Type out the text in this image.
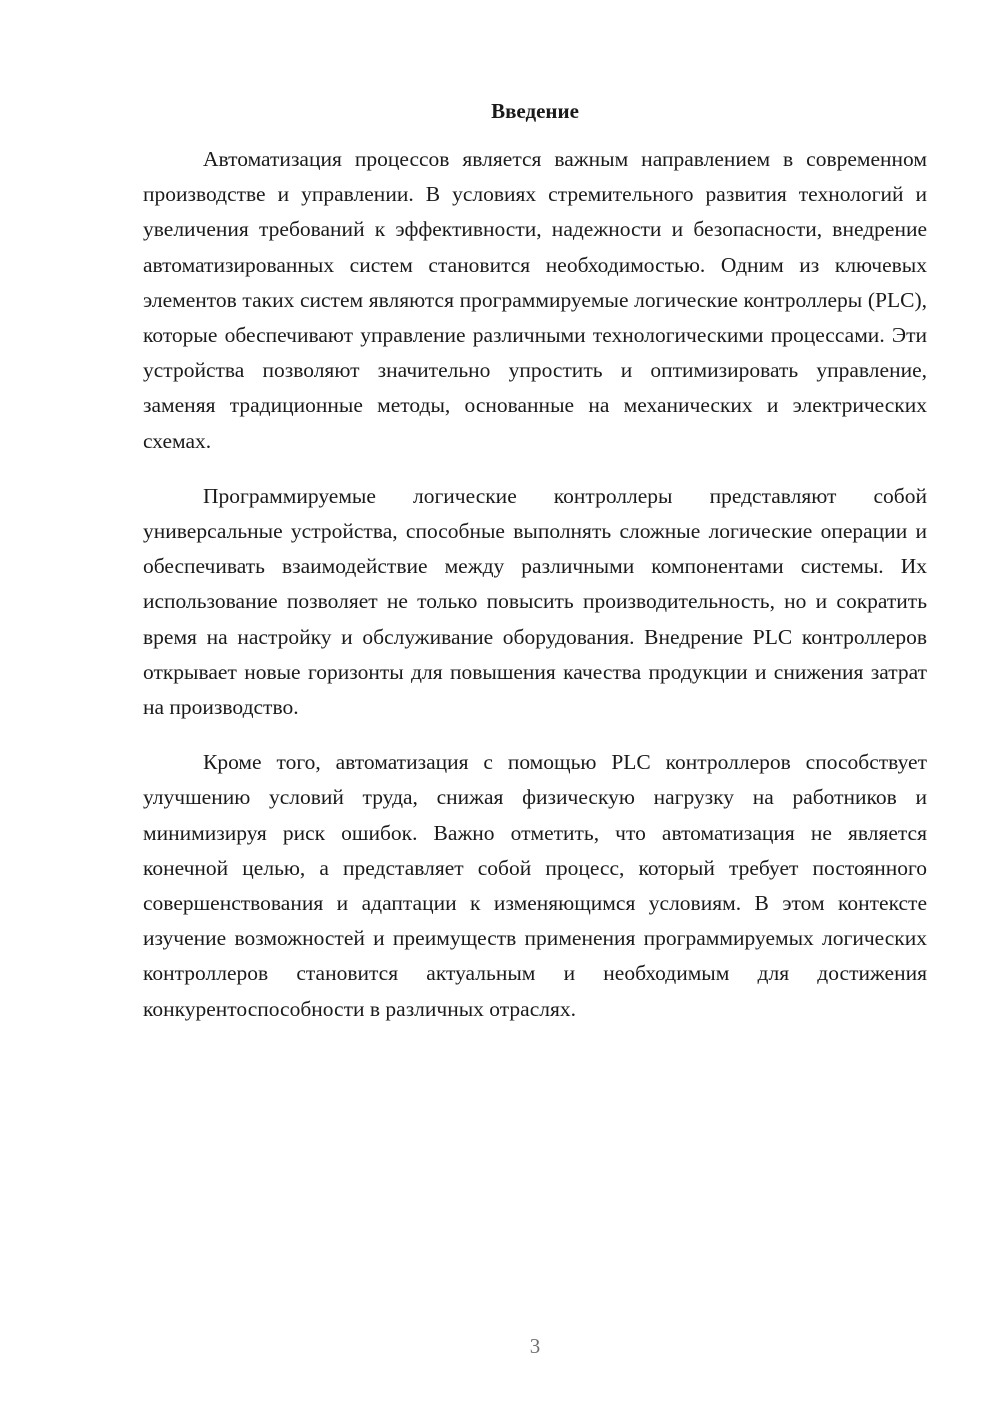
Введение

Автоматизация процессов является важным направлением в современном производстве и управлении. В условиях стремительного развития технологий и увеличения требований к эффективности, надежности и безопасности, внедрение автоматизированных систем становится необходимостью. Одним из ключевых элементов таких систем являются программируемые логические контроллеры (PLC), которые обеспечивают управление различными технологическими процессами. Эти устройства позволяют значительно упростить и оптимизировать управление, заменяя традиционные методы, основанные на механических и электрических схемах.

Программируемые логические контроллеры представляют собой универсальные устройства, способные выполнять сложные логические операции и обеспечивать взаимодействие между различными компонентами системы. Их использование позволяет не только повысить производительность, но и сократить время на настройку и обслуживание оборудования. Внедрение PLC контроллеров открывает новые горизонты для повышения качества продукции и снижения затрат на производство.

Кроме того, автоматизация с помощью PLC контроллеров способствует улучшению условий труда, снижая физическую нагрузку на работников и минимизируя риск ошибок. Важно отметить, что автоматизация не является конечной целью, а представляет собой процесс, который требует постоянного совершенствования и адаптации к изменяющимся условиям. В этом контексте изучение возможностей и преимуществ применения программируемых логических контроллеров становится актуальным и необходимым для достижения конкурентоспособности в различных отраслях.

3
